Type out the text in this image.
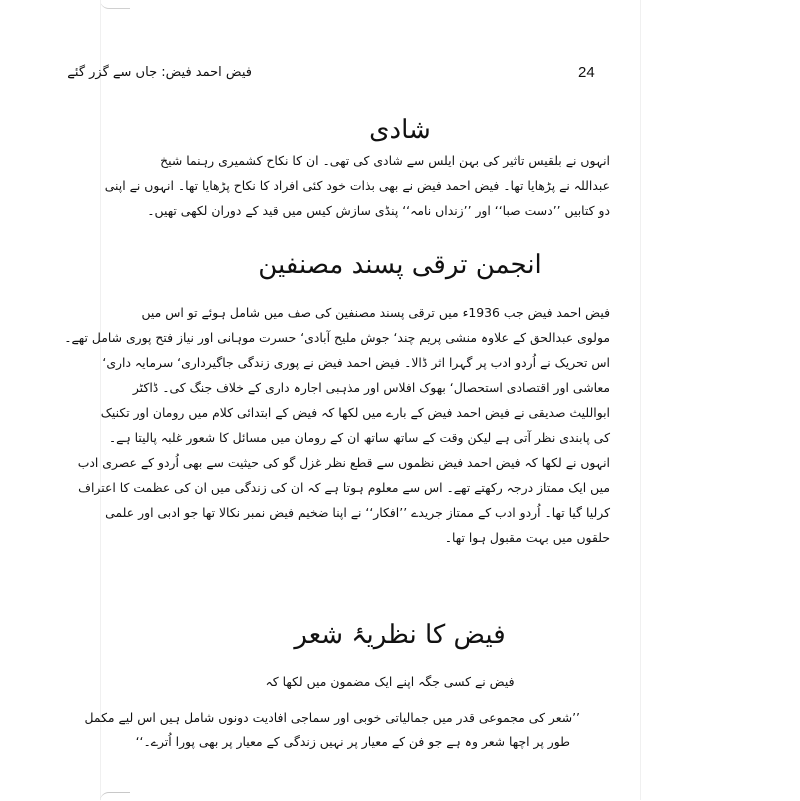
فیض احمد فیض: جاں سے گزر گئے	24
شادی
انہوں نے بلقیس تاثیر کی بہن ایلس سے شادی کی تھی۔ ان کا نکاح کشمیری رہنما شیخ
عبداللہ نے پڑھایا تھا۔ فیض احمد فیض نے بھی بذات خود کئی افراد کا نکاح پڑھایا تھا۔ انہوں نے اپنی
دو کتابیں ’’دست صبا‘‘ اور ’’زنداں نامہ‘‘ پنڈی سازش کیس میں قید کے دوران لکھی تھیں۔
انجمن ترقی پسند مصنفین
فیض احمد فیض جب 1936ء میں ترقی پسند مصنفین کی صف میں شامل ہوئے تو اس میں
مولوی عبدالحق کے علاوہ منشی پریم چند‘ جوش ملیح آبادی‘ حسرت موہانی اور نیاز فتح پوری شامل تھے۔
اس تحریک نے اُردو ادب پر گہرا اثر ڈالا۔ فیض احمد فیض نے پوری زندگی جاگیرداری‘ سرمایہ داری‘
معاشی اور اقتصادی استحصال‘ بھوک افلاس اور مذہبی اجارہ داری کے خلاف جنگ کی۔ ڈاکٹر
ابواللیث صدیقی نے فیض احمد فیض کے بارے میں لکھا کہ فیض کے ابتدائی کلام میں رومان اور تکنیک
کی پابندی نظر آتی ہے لیکن وقت کے ساتھ ساتھ ان کے رومان میں مسائل کا شعور غلبہ پالیتا ہے۔
انہوں نے لکھا کہ فیض احمد فیض نظموں سے قطع نظر غزل گو کی حیثیت سے بھی اُردو کے عصری ادب
میں ایک ممتاز درجہ رکھتے تھے۔ اس سے معلوم ہوتا ہے کہ ان کی زندگی میں ان کی عظمت کا اعتراف
کرلیا گیا تھا۔ اُردو ادب کے ممتاز جریدے ’’افکار‘‘ نے اپنا ضخیم فیض نمبر نکالا تھا جو ادبی اور علمی
حلقوں میں بہت مقبول ہوا تھا۔
فیض کا نظریۂ شعر
فیض نے کسی جگہ اپنے ایک مضمون میں لکھا کہ
’’شعر کی مجموعی قدر میں جمالیاتی خوبی اور سماجی افادیت دونوں شامل ہیں اس لیے مکمل
طور پر اچھا شعر وہ ہے جو فن کے معیار پر نہیں زندگی کے معیار پر بھی پورا اُترے۔‘‘
